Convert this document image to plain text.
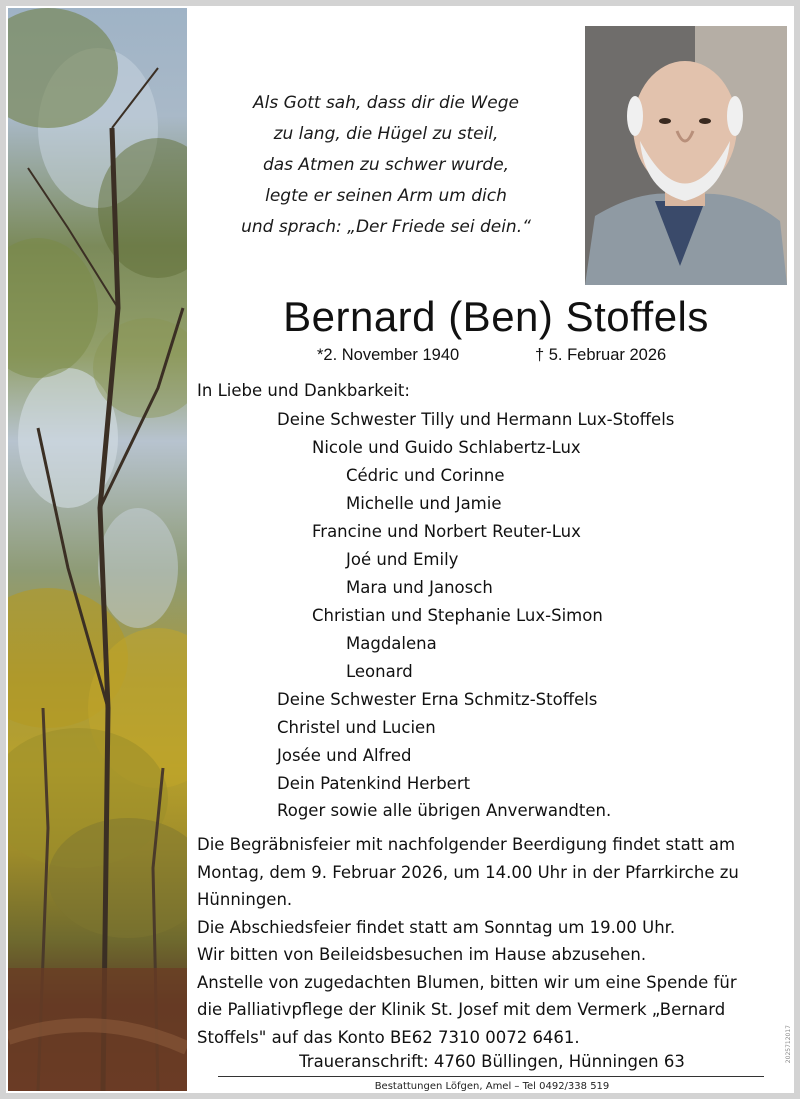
Als Gott sah, dass dir die Wege
zu lang, die Hügel zu steil,
das Atmen zu schwer wurde,
legte er seinen Arm um dich
und sprach: „Der Friede sei dein.“
Bernard (Ben) Stoffels
*2. November 1940	† 5. Februar 2026
In Liebe und Dankbarkeit:
Deine Schwester Tilly und Hermann Lux-Stoffels
Nicole und Guido Schlabertz-Lux
Cédric und Corinne
Michelle und Jamie
Francine und Norbert Reuter-Lux
Joé und Emily
Mara und Janosch
Christian und Stephanie Lux-Simon
Magdalena
Leonard
Deine Schwester Erna Schmitz-Stoffels
Christel und Lucien
Josée und Alfred
Dein Patenkind Herbert
Roger sowie alle übrigen Anverwandten.
Die Begräbnisfeier mit nachfolgender Beerdigung findet statt am
Montag, dem 9. Februar 2026, um 14.00 Uhr in der Pfarrkirche zu
Hünningen.
Die Abschiedsfeier findet statt am Sonntag um 19.00 Uhr.
Wir bitten von Beileidsbesuchen im Hause abzusehen.
Anstelle von zugedachten Blumen, bitten wir um eine Spende für
die Palliativpflege der Klinik St. Josef mit dem Vermerk „Bernard
Stoffels" auf das Konto BE62 7310 0072 6461.
Traueranschrift: 4760 Büllingen, Hünningen 63
Bestattungen Löfgen, Amel – Tel 0492/338 519
2025712017
